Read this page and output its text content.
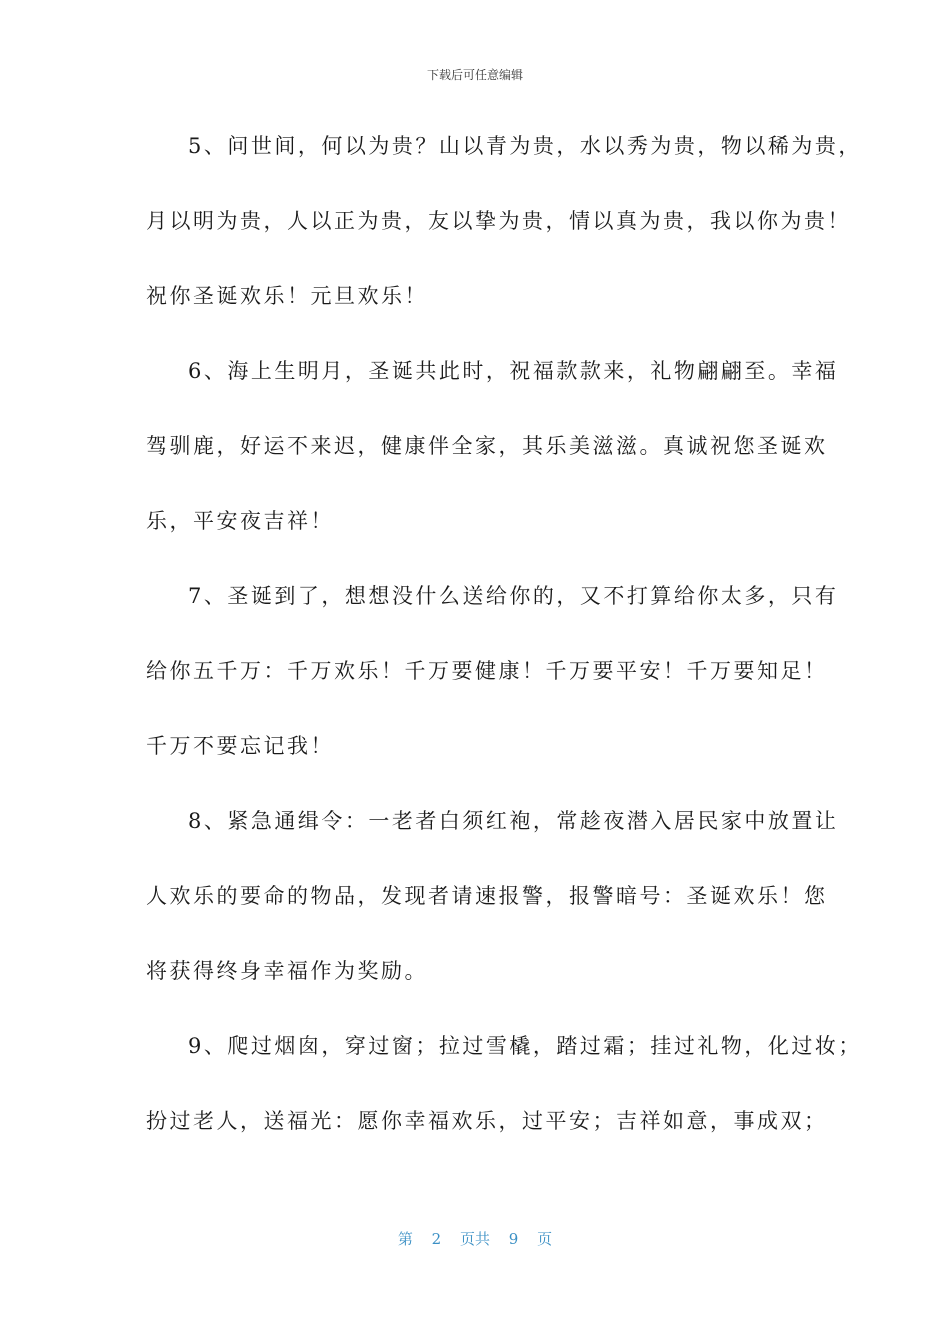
下载后可任意编辑
5、问世间，何以为贵？山以青为贵，水以秀为贵，物以稀为贵，
月以明为贵，人以正为贵，友以挚为贵，情以真为贵，我以你为贵！
祝你圣诞欢乐！元旦欢乐！
6、海上生明月，圣诞共此时，祝福款款来，礼物翩翩至。幸福
驾驯鹿，好运不来迟，健康伴全家，其乐美滋滋。真诚祝您圣诞欢
乐，平安夜吉祥！
7、圣诞到了，想想没什么送给你的，又不打算给你太多，只有
给你五千万：千万欢乐！千万要健康！千万要平安！千万要知足！
千万不要忘记我！
8、紧急通缉令：一老者白须红袍，常趁夜潜入居民家中放置让
人欢乐的要命的物品，发现者请速报警，报警暗号：圣诞欢乐！您
将获得终身幸福作为奖励。
9、爬过烟囱，穿过窗；拉过雪橇，踏过霜；挂过礼物，化过妆；
扮过老人，送福光：愿你幸福欢乐，过平安；吉祥如意，事成双；
第 2 页共 9 页
